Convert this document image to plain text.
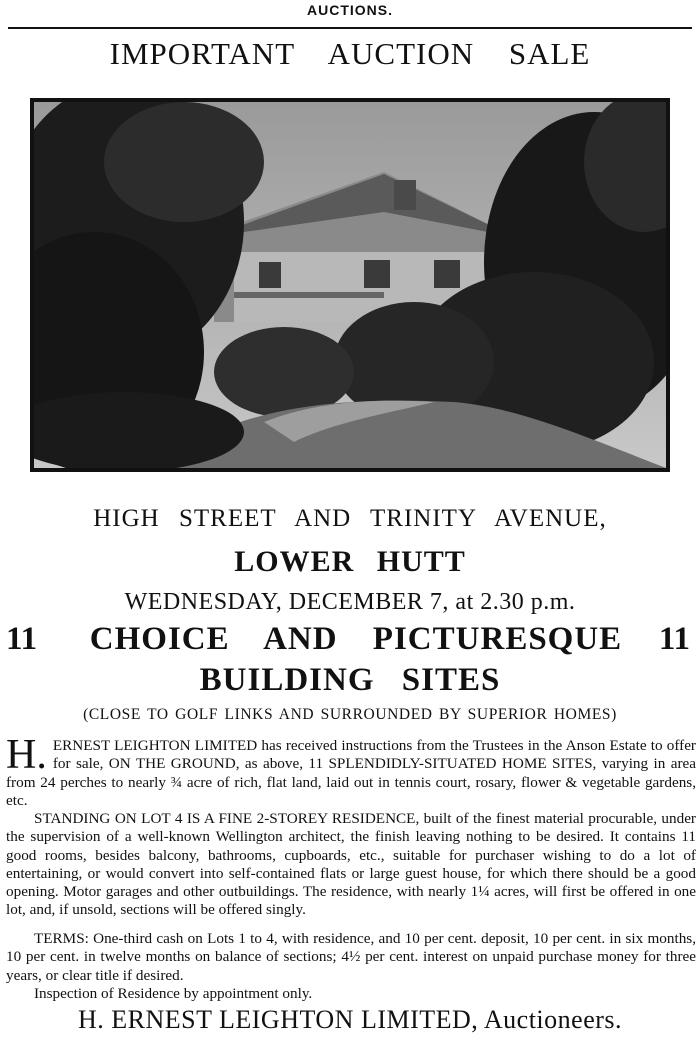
AUCTIONS.
IMPORTANT AUCTION SALE
HIGH STREET AND TRINITY AVENUE,
LOWER HUTT
WEDNESDAY, DECEMBER 7, at 2.30 p.m.
11 CHOICE AND PICTURESQUE 11
BUILDING SITES
(CLOSE TO GOLF LINKS AND SURROUNDED BY SUPERIOR HOMES)
H. ERNEST LEIGHTON LIMITED has received instructions from the Trustees in the Anson Estate to offer for sale, ON THE GROUND, as above, 11 SPLENDIDLY-SITUATED HOME SITES, varying in area from 24 perches to nearly ¾ acre of rich, flat land, laid out in tennis court, rosary, flower & vegetable gardens, etc.
STANDING ON LOT 4 IS A FINE 2-STOREY RESIDENCE, built of the finest material procurable, under the supervision of a well-known Wellington architect, the finish leaving nothing to be desired. It contains 11 good rooms, besides balcony, bathrooms, cupboards, etc., suitable for purchaser wishing to do a lot of entertaining, or would convert into self-contained flats or large guest house, for which there should be a good opening. Motor garages and other outbuildings. The residence, with nearly 1¼ acres, will first be offered in one lot, and, if unsold, sections will be offered singly.
TERMS: One-third cash on Lots 1 to 4, with residence, and 10 per cent. deposit, 10 per cent. in six months, 10 per cent. in twelve months on balance of sections; 4½ per cent. interest on unpaid purchase money for three years, or clear title if desired.
Inspection of Residence by appointment only.
H. ERNEST LEIGHTON LIMITED, Auctioneers.
